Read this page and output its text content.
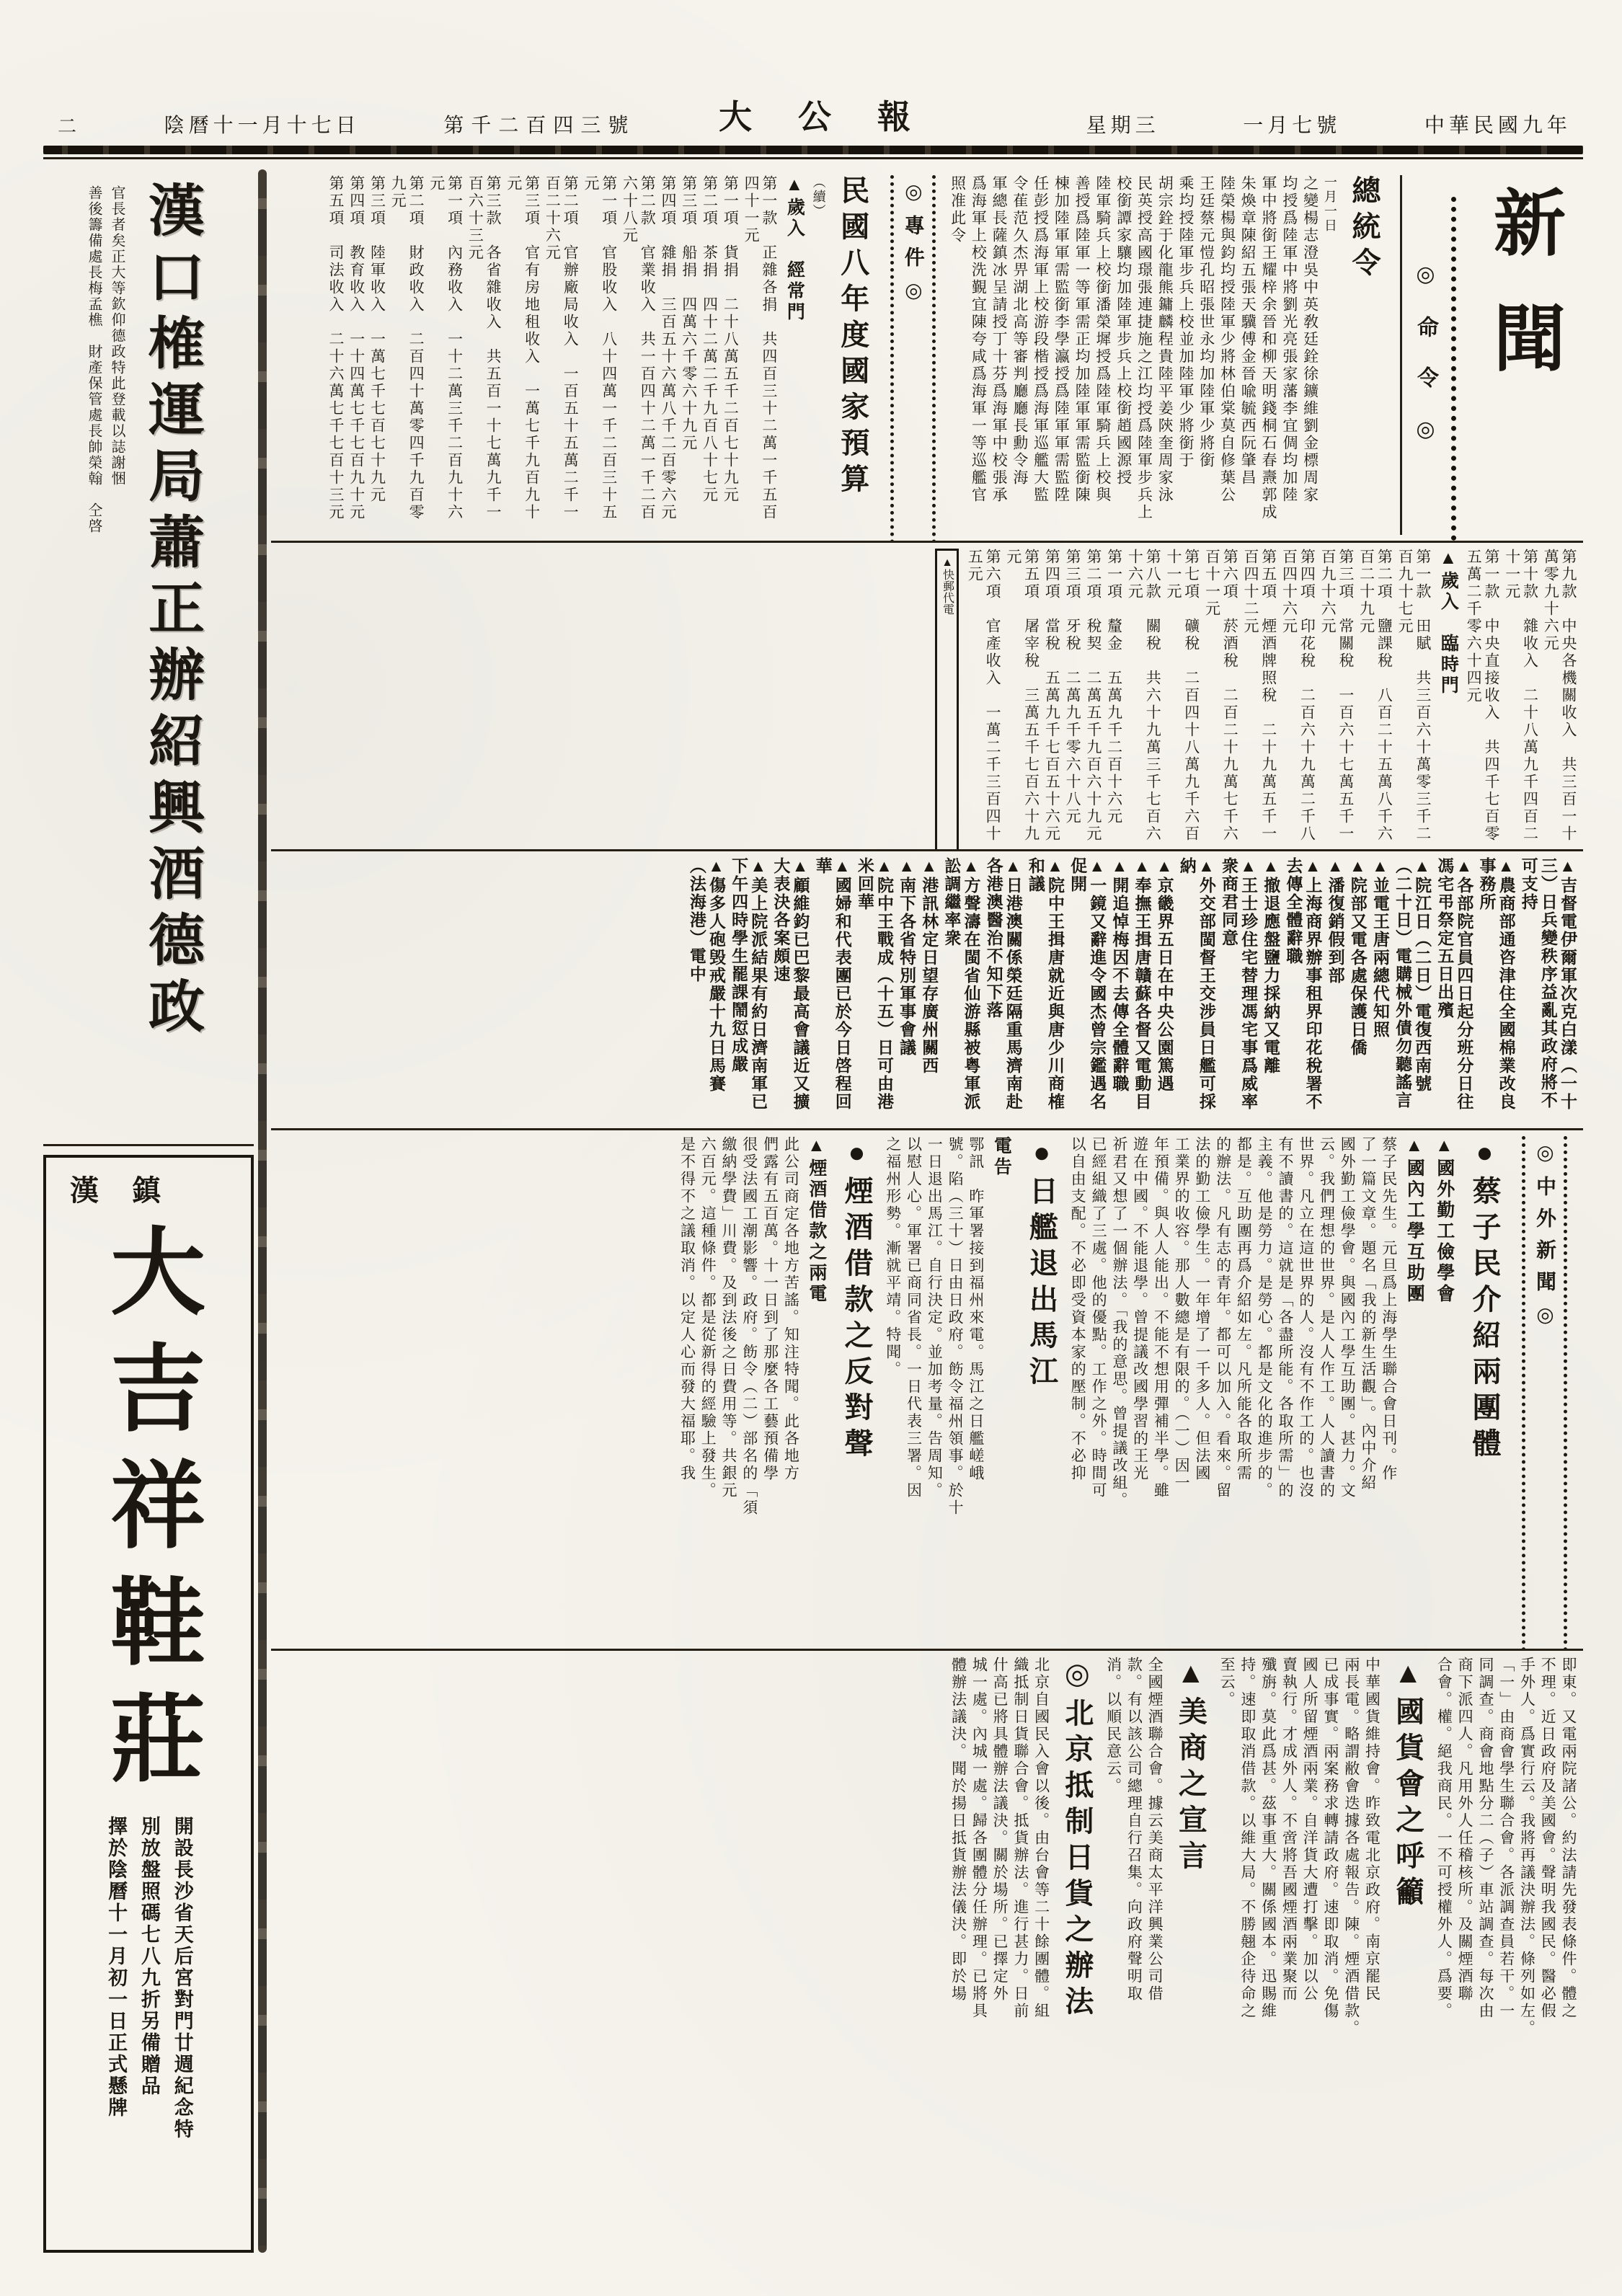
中華民國九年
一月七號
星期三
大公報
第千二百四三號
陰曆十一月十七日
二
漢口榷運局蕭正辦紹興酒德政
官長者矣正大等欽仰德政特此登載以誌謝悃
善後籌備處長梅孟樵　財產保管處長帥榮翰　仝啓
漢鎮
大吉祥鞋莊
開設長沙省天后宮對門廿週紀念特
別放盤照碼七八九折另備贈品
擇於陰曆十一月初一日正式懸牌
新聞
◎命令◎
總統令
一月一日
之變楊志澄吳中英敎廷銓徐鑛維劉金標周家
均授爲陸軍中將劉光亮張家藩李宜倜均加陸
軍中將銜王耀梓余晉和柳天明錢桐石春燾郭成
朱煥章陳紹五張天驥傅金晉喩毓西阮肇昌
陸榮楊與鈞均授陸軍少將林伯棠莫自修葉公
王廷蔡元愷孔昭張世永均加陸軍少將銜
乘均授陸軍步兵上校並加陸軍少將銜于
胡宗銓于化龍熊鏞麟程貴陸平姜陝奎周家泳
民英授高國璟張連捷施之江均授爲陸軍步兵上
校銜譚家驤均加陸軍步兵上校銜趙國源授
陸軍騎兵上校銜潘榮墀授爲陸軍騎兵上校與
善授爲陸軍一等軍需正均加陸軍軍需監銜陳
棟加陸軍軍需監銜李學瀛授爲陸軍軍需監陞
任彭授爲海軍上校游段楷授爲海軍巡艦大監
令萑范久杰畀湖北高等審判廳廳長勳令海
軍總長薩鎮冰呈請授丁十芬爲海軍中校張承
爲海軍上校洗覲宜陳夸咸爲海軍一等巡艦官
照准此令
◎專件◎
民國八年度國家預算
（續）
▲歲入　經常門
第一款　正雜各捐　共四百三十二萬一千五百四十一元
第一項　貨捐　二十八萬五千二百七十九元
第二項　茶捐　四十二萬二千九百八十七元
第三項　船捐　四萬六千零六十九元
第四項　雜捐　三百五十六萬八千二百零六元
第二款　官業收入　共一百四十二萬一千二百六十八元
第一項　官股收入　八十四萬一千二百三十五元
第二項　官辦廠局收入　一百五十五萬二千一百二十六元
第三項　官有房地租收入　一萬七千九百九十元
第三款　各省雜收入　共五百一十七萬九千一百六十三元
第一項　內務收入　一十二萬三千二百九十六元
第二項　財政收入　二百四十萬零四千九百零九元
第三項　陸軍收入　一萬七千七百七十九元
第四項　教育收入　一十四萬七千七百九十元
第五項　司法收入　二十六萬七千七百十三元
第九款　中央各機關收入　共三百一十萬零九十六元
第十款　雜收入　二十八萬九千四百二十一元
第一款　中央直接收入　共四千七百零五萬二千零六十四元
▲歲入　臨時門
第一款　田賦　共三百六十萬零三千二百九十七元
第二項　鹽課稅　八百二十五萬八千六百二十九元
第三項　常關稅　一百六十七萬五千一百九十六元
第四項　印花稅　二百六十九萬二千八百四十六元
第五項　煙酒牌照稅　二十九萬五千一百四十二元
第六項　菸酒稅　二百二十九萬七千六百十一元
第七項　礦稅　二百四十八萬九千六百十一元
第八款　關稅　共六十九萬三千七百六十六元
第一項　釐金　五萬九千二百十六元
第二項　稅契　二萬五千九百六十九元
第三項　牙稅　二萬九千零六十八元
第四項　當稅　五萬九千七百五十六元
第五項　屠宰稅　三萬五千七百六十九元
第六項　官產收入　一萬二千三百四十五元
▲快郵代電
▲吉督電伊爾軍次克白漾（一十三）日兵變秩序益亂其政府將不可支持
▲農商部通咨津住全國棉業改良事務所
▲各部院官員四日起分班分日往馮宅弔祭定五日出殯
▲院江日（二日）電復西南號（二十日）電購械外債勿聽謠言
▲並電王唐兩總代知照
▲院部又電各處保護日僑
▲潘復銷假到部
▲上海商界辦事租界印花稅署不去傳全體辭職
▲撤退應盤鹽力採納又電離
▲王士珍住宅替理馮宅事爲威率衆商君同意
▲外交部閩督王交涉員日艦可採納
▲京畿界五日在中央公園篤遇
▲奉撫王揖唐贛蘇各督又電動目
▲開追悼梅因不去傳全體辭職
▲一鏡又辭進令國杰曾宗鑑遇名促開
▲院中王揖唐就近與唐少川商榷和議
▲日港澳關係榮廷隔重馬濟南赴各港澳醫治不知下落
▲方聲濤在閩省仙游縣被粤軍派訟調繼率衆
▲港訊林定日望存廣州關西
▲南下各省特別軍事會議
▲院中王戰成（十五）日可由港米回華
▲國婦和代表團已於今日啓程回華
▲顧維鈞已巴黎最高會議近又擴大表決各案頗速
▲美上院派結果有約日濟南軍已下午四時學生罷課鬧愆成嚴
▲傷多人砲毁戒嚴十九日馬賽（法海港）電中
◎中外新聞◎
●蔡子民介紹兩團體
▲國外勤工儉學會
▲國內工學互助團
蔡子民先生。元旦爲上海學生聯合會日刊。作
了一篇文章。題名「我的新生活觀」。內中介紹
國外勤工儉學會。與國內工學互助團。甚力。文
云。我們理想的世界。是人人作工。人人讀書的
世界。凡立在這世界的人。沒有不作工的。也沒
有不讀書的。這就是「各盡所能。各取所需」的
主義。他是勞力。是勞心。都是文化的進步的。
都是。互助團再爲介紹如左。凡所能各取所需
的辦法。凡有志的青年。都可以加入。看來。留
法的勤工儉學生。一年增了一千多人。但法國
工業界的收容。那人數總是有限的。（一）因一
年預備。與人人能出。不能不想用彈補半學。雖
遊在中國。不能退學。曾提議改國學習的王光
祈君又想了一個辦法。「我的意思。曾提議改組。
已經組織了三處。他的優點。工作之外。時間可
以自由支配。不必即受資本家的壓制。不必抑
●日艦退出馬江
電告
鄂訊　昨軍署接到福州來電。馬江之日艦嵯峨
號。陷（三十）日由日政府。飭令福州領事。於十
一日退出馬江。自行決定。並加考量。告周知。
以慰人心。軍署已商同省長。一日代表三署。因
之福州形勢。漸就平靖。特聞。
●煙酒借款之反對聲
▲煙酒借款之兩電
此公司商定各地方苦謠。知注特聞。此各地方
們露有五百萬。十一日到了那麼各工藝預備學
很受法國工潮影響。政府。飭令（二）部名的「須
繳納學費」川費。及到法後之日費用等。共銀元
六百元。這種條件。都是從新得的經驗上發生。
是不得不之議取消。以定人心而發大福耶。我
即東。又電兩院諸公。約法請先發表條件。體之
不理。近日政府及美國會。聲明我國民。醫必假
手外人。爲實行云。我將再議決辦法。條列如左。
「一」由商會學生聯合會。各派調查員若干。一
同調查。商會地點分二（子）車站調查。每次由
商下派四人。凡用外人任稽核所。及關煙酒聯
合會。權。絕我商民。一不可授權外人。爲要。
▲國貨會之呼籲
中華國貨維持會。昨致電北京政府。南京罷民
兩長電。略謂敝會迭據各處報告。陳。煙酒借款。
已成事實。兩案務求轉請政府。速即取消。免傷
國人所留煙酒兩業。自洋貨大遭打擊。加以公
賣執行。才成外人。不啻將吾國煙酒兩業聚而
殲旃。莫此爲甚。茲事重大。關係國本。迅賜維
持。速即取消借款。以維大局。不勝翹企待命之
至云。
▲美商之宣言
全國煙酒聯合會。據云美商太平洋興業公司借
款。有以該公司總理自行召集。向政府聲明取
消。以順民意云。
◎北京抵制日貨之辦法
北京自國民入會以後。由台會等二十餘團體。組
織抵制日貨聯合會。抵貨辦法。進行甚力。日前
什高已將具體辦法議決。關於場所。已擇定外
城一處。內城一處。歸各團體分任辦理。已將具
體辦法議決。聞於揚日抵貨辦法儀決。即於場
